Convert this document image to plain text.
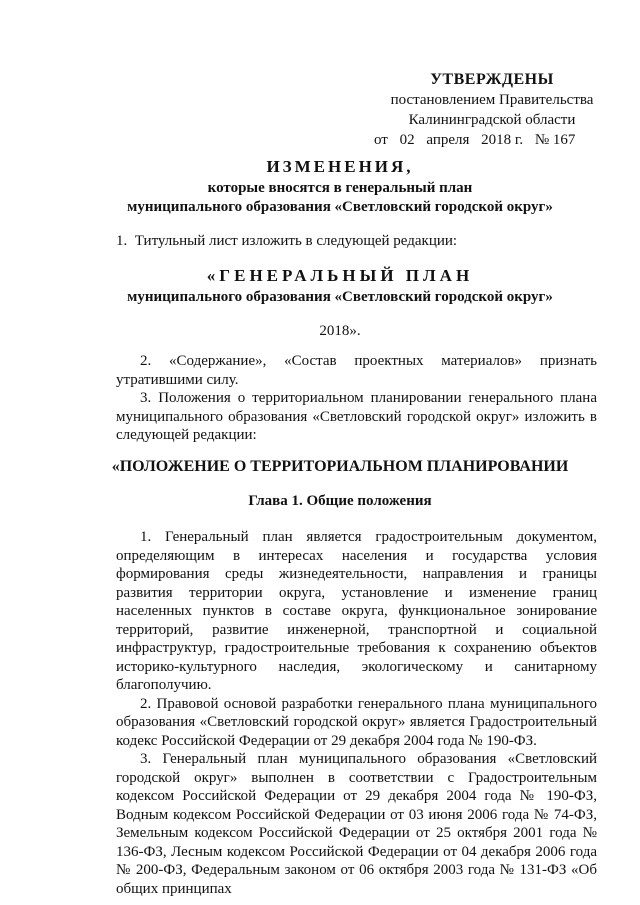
УТВЕРЖДЕНЫ
постановлением Правительства
Калининградской области
от 02 апреля 2018 г. № 167
ИЗМЕНЕНИЯ,
которые вносятся в генеральный план
муниципального образования «Светловский городской округ»
1.  Титульный лист изложить в следующей редакции:
«ГЕНЕРАЛЬНЫЙ ПЛАН
муниципального образования «Светловский городской округ»
2018».

2. «Содержание», «Состав проектных материалов» признать утратившими силу.

3. Положения о территориальном планировании генерального плана муниципального образования «Светловский городской округ» изложить в следующей редакции:

«ПОЛОЖЕНИЕ О ТЕРРИТОРИАЛЬНОМ ПЛАНИРОВАНИИ
Глава 1. Общие положения

1. Генеральный план является градостроительным документом, определяющим в интересах населения и государства условия формирования среды жизнедеятельности, направления и границы развития территории округа, установление и изменение границ населенных пунктов в составе округа, функциональное зонирование территорий, развитие инженерной, транспортной и социальной инфраструктур, градостроительные требования к сохранению объектов историко-культурного наследия, экологическому и санитарному благополучию.

2. Правовой основой разработки генерального плана муниципального образования «Светловский городской округ» является Градостроительный кодекс Российской Федерации от 29 декабря 2004 года № 190-ФЗ.

3. Генеральный план муниципального образования «Светловский городской округ» выполнен в соответствии с Градостроительным кодексом Российской Федерации от 29 декабря 2004 года № 190-ФЗ, Водным кодексом Российской Федерации от 03 июня 2006 года № 74-ФЗ, Земельным кодексом Российской Федерации от 25 октября 2001 года № 136-ФЗ, Лесным кодексом Российской Федерации от 04 декабря 2006 года № 200-ФЗ, Федеральным законом от 06 октября 2003 года № 131-ФЗ «Об общих принципах
